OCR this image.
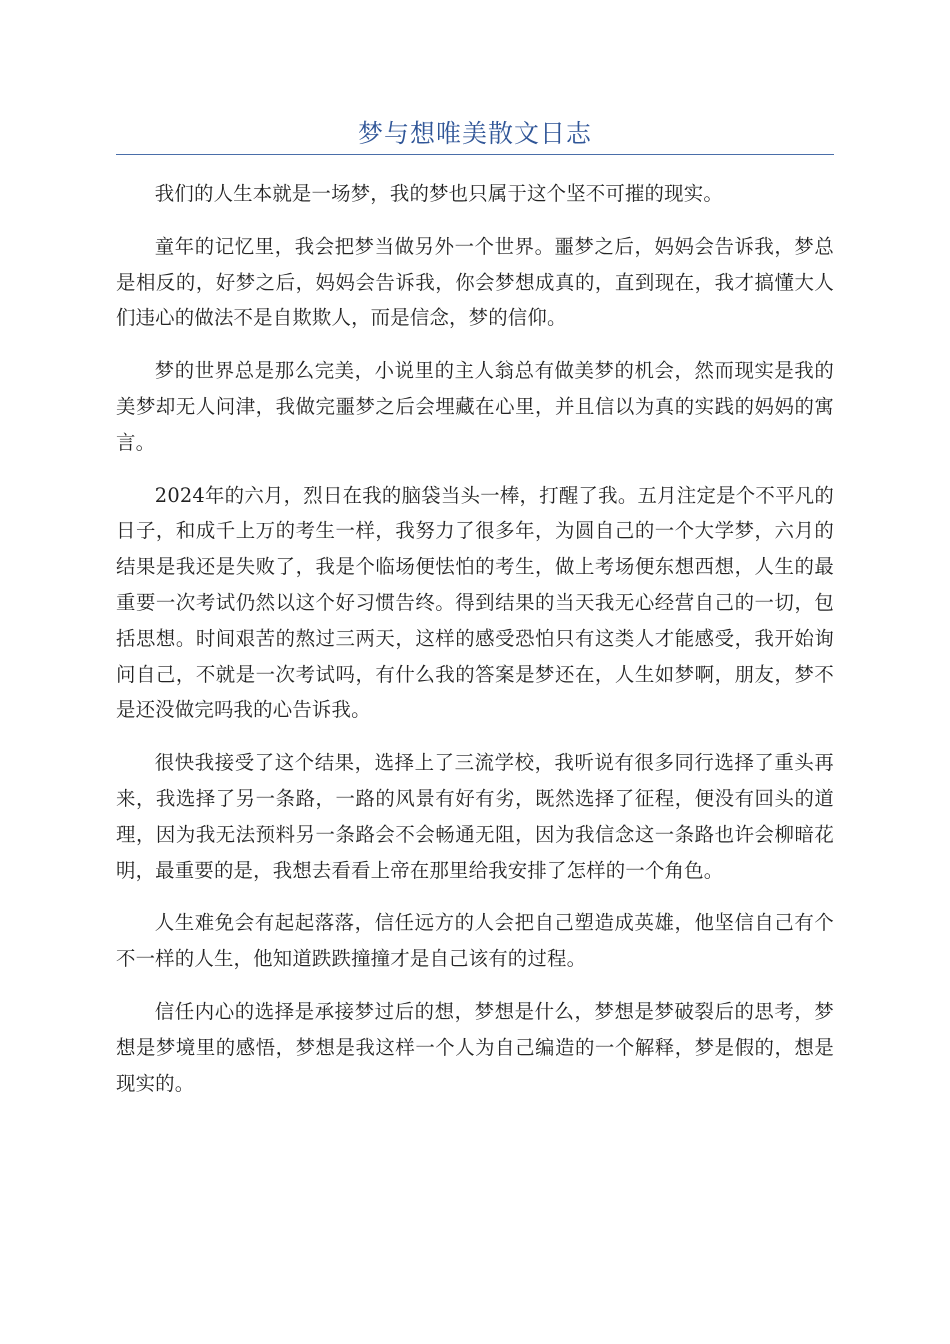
梦与想唯美散文日志

我们的人生本就是一场梦，我的梦也只属于这个坚不可摧的现实。

童年的记忆里，我会把梦当做另外一个世界。噩梦之后，妈妈会告诉我，梦总是相反的，好梦之后，妈妈会告诉我，你会梦想成真的，直到现在，我才搞懂大人们违心的做法不是自欺欺人，而是信念，梦的信仰。

梦的世界总是那么完美，小说里的主人翁总有做美梦的机会，然而现实是我的美梦却无人问津，我做完噩梦之后会埋藏在心里，并且信以为真的实践的妈妈的寓言。

2024年的六月，烈日在我的脑袋当头一棒，打醒了我。五月注定是个不平凡的日子，和成千上万的考生一样，我努力了很多年，为圆自己的一个大学梦，六月的结果是我还是失败了，我是个临场便怯怕的考生，做上考场便东想西想，人生的最重要一次考试仍然以这个好习惯告终。得到结果的当天我无心经营自己的一切，包括思想。时间艰苦的熬过三两天，这样的感受恐怕只有这类人才能感受，我开始询问自己，不就是一次考试吗，有什么我的答案是梦还在，人生如梦啊，朋友，梦不是还没做完吗我的心告诉我。

很快我接受了这个结果，选择上了三流学校，我听说有很多同行选择了重头再来，我选择了另一条路，一路的风景有好有劣，既然选择了征程，便没有回头的道理，因为我无法预料另一条路会不会畅通无阻，因为我信念这一条路也许会柳暗花明，最重要的是，我想去看看上帝在那里给我安排了怎样的一个角色。

人生难免会有起起落落，信任远方的人会把自己塑造成英雄，他坚信自己有个不一样的人生，他知道跌跌撞撞才是自己该有的过程。

信任内心的选择是承接梦过后的想，梦想是什么，梦想是梦破裂后的思考，梦想是梦境里的感悟，梦想是我这样一个人为自己编造的一个解释，梦是假的，想是现实的。
